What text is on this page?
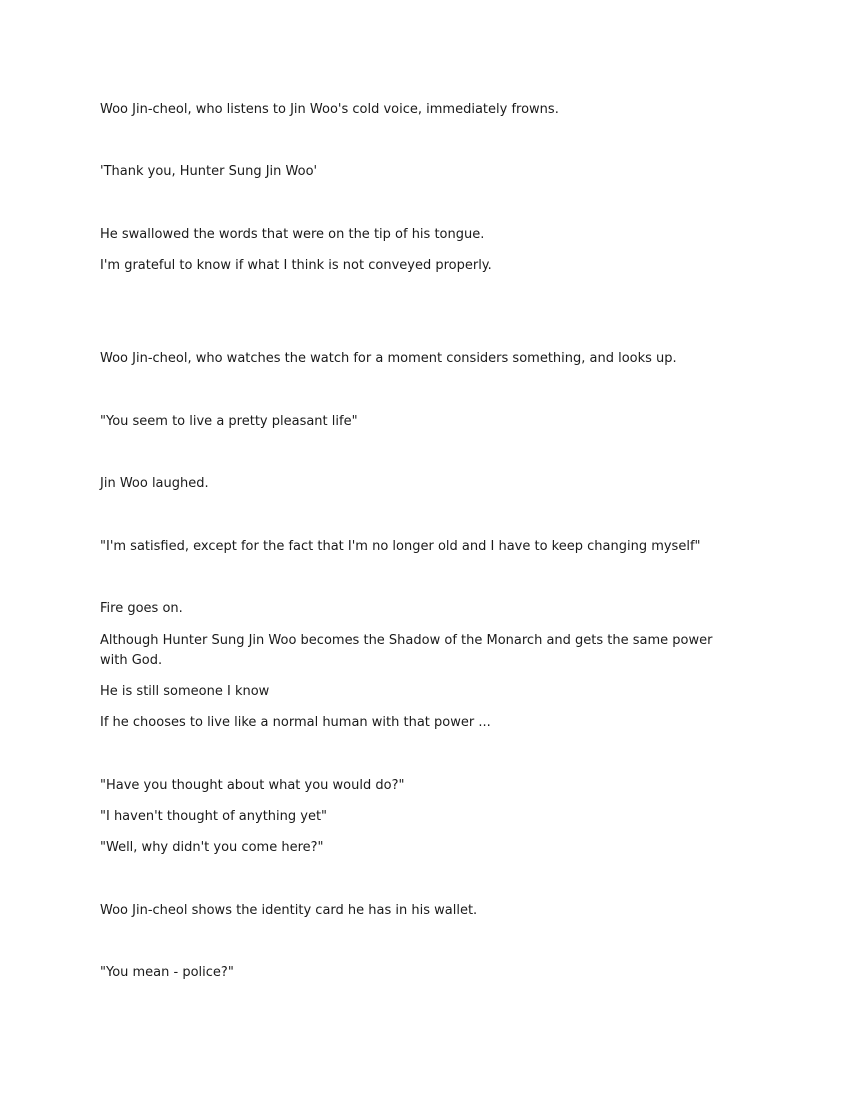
Woo Jin-cheol, who listens to Jin Woo's cold voice, immediately frowns.

'Thank you, Hunter Sung Jin Woo'

He swallowed the words that were on the tip of his tongue.

I'm grateful to know if what I think is not conveyed properly.

Woo Jin-cheol, who watches the watch for a moment considers something, and looks up.

"You seem to live a pretty pleasant life"

Jin Woo laughed.

"I'm satisfied, except for the fact that I'm no longer old and I have to keep changing myself"

Fire goes on.

Although Hunter Sung Jin Woo becomes the Shadow of the Monarch and gets the same power with God.

He is still someone I know

If he chooses to live like a normal human with that power ...

"Have you thought about what you would do?"

"I haven't thought of anything yet"

"Well, why didn't you come here?"

Woo Jin-cheol shows the identity card he has in his wallet.

"You mean - police?"
